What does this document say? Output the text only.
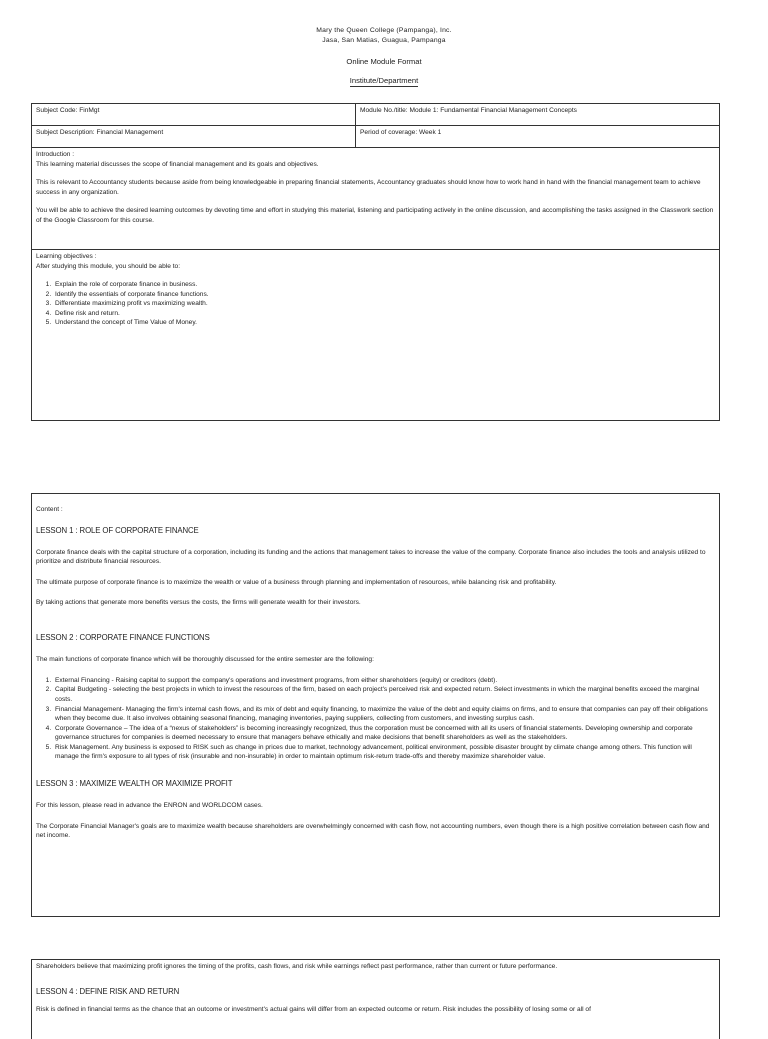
Mary the Queen College (Pampanga), Inc.
Jasa, San Matias, Guagua, Pampanga
Online Module Format
Institute/Department
Subject Code: FinMgt	Module No./title: Module 1: Fundamental Financial Management Concepts
Subject Description: Financial Management	Period of coverage: Week 1

Introduction :

This learning material discusses the scope of financial management and its goals and objectives.

This is relevant to Accountancy students because aside from being knowledgeable in preparing financial statements, Accountancy graduates should know how to work hand in hand with the financial management team to achieve success in any organization.

You will be able to achieve the desired learning outcomes by devoting time and effort in studying this material, listening and participating actively in the online discussion, and accomplishing the tasks assigned in the Classwork section of the Google Classroom for this course.

Learning objectives :

After studying this module, you should be able to:

1. Explain the role of corporate finance in business.
2. Identify the essentials of corporate finance functions.
3. Differentiate maximizing profit vs maximizing wealth.
4. Define risk and return.
5. Understand the concept of Time Value of Money.

Content :

LESSON 1 : ROLE OF CORPORATE FINANCE

Corporate finance deals with the capital structure of a corporation, including its funding and the actions that management takes to increase the value of the company. Corporate finance also includes the tools and analysis utilized to prioritize and distribute financial resources.

The ultimate purpose of corporate finance is to maximize the wealth or value of a business through planning and implementation of resources, while balancing risk and profitability.

By taking actions that generate more benefits versus the costs, the firms will generate wealth for their investors.

LESSON 2 : CORPORATE FINANCE FUNCTIONS

The main functions of corporate finance which will be thoroughly discussed for the entire semester are the following:

1. External Financing - Raising capital to support the company's operations and investment programs, from either shareholders (equity) or creditors (debt).
2. Capital Budgeting - selecting the best projects in which to invest the resources of the firm, based on each project's perceived risk and expected return. Select investments in which the marginal benefits exceed the marginal costs.
3. Financial Management- Managing the firm's internal cash flows, and its mix of debt and equity financing, to maximize the value of the debt and equity claims on firms, and to ensure that companies can pay off their obligations when they become due. It also involves obtaining seasonal financing, managing inventories, paying suppliers, collecting from customers, and investing surplus cash.
4. Corporate Governance – The idea of a “nexus of stakeholders” is becoming increasingly recognized, thus the corporation must be concerned with all its users of financial statements. Developing ownership and corporate governance structures for companies is deemed necessary to ensure that managers behave ethically and make decisions that benefit shareholders as well as the stakeholders.
5. Risk Management. Any business is exposed to RISK such as change in prices due to market, technology advancement, political environment, possible disaster brought by climate change among others. This function will manage the firm's exposure to all types of risk (insurable and non-insurable) in order to maintain optimum risk-return trade-offs and thereby maximize shareholder value.
LESSON 3 : MAXIMIZE WEALTH OR MAXIMIZE PROFIT

For this lesson, please read in advance the ENRON and WORLDCOM cases.

The Corporate Financial Manager's goals are to maximize wealth because shareholders are overwhelmingly concerned with cash flow, not accounting numbers, even though there is a high positive correlation between cash flow and net income.

Shareholders believe that maximizing profit ignores the timing of the profits, cash flows, and risk while earnings reflect past performance, rather than current or future performance.

LESSON 4 : DEFINE RISK AND RETURN

Risk is defined in financial terms as the chance that an outcome or investment's actual gains will differ from an expected outcome or return. Risk includes the possibility of losing some or all of
